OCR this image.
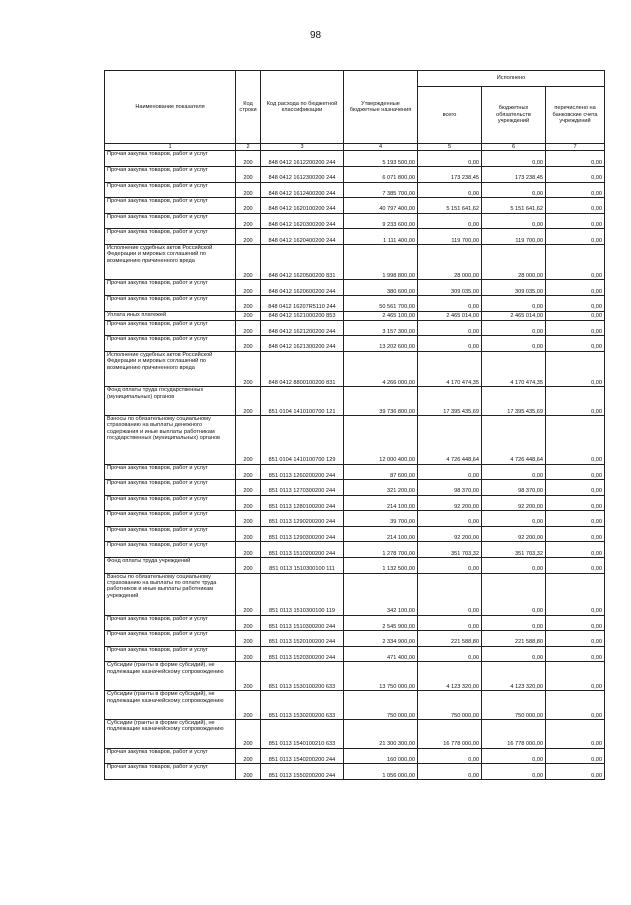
98
Наименование показателя	Код строки	Код расхода по бюджетной классификации	Утвержденные бюджетные назначения	Исполнено		
				всего	бюджетных обязательств учреждений	перечислено на банковские счета учреждений
1	2	3	4	5	6	7
Прочая закупка товаров, работ и услуг	200	848 0412 1612200200 244	5 193 500,00	0,00	0,00	0,00
Прочая закупка товаров, работ и услуг	200	848 0412 1612300200 244	6 071 800,00	173 238,45	173 238,45	0,00
Прочая закупка товаров, работ и услуг	200	848 0412 1612400200 244	7 385 700,00	0,00	0,00	0,00
Прочая закупка товаров, работ и услуг	200	848 0412 1620100200 244	40 797 400,00	5 151 641,62	5 151 641,62	0,00
Прочая закупка товаров, работ и услуг	200	848 0412 1620300200 244	9 233 600,00	0,00	0,00	0,00
Прочая закупка товаров, работ и услуг	200	848 0412 1620400200 244	1 111 400,00	119 700,00	119 700,00	0,00
Исполнение судебных актов Российской Федерации и мировых соглашений по возмещению причиненного вреда	200	848 0412 1620500200 831	1 998 800,00	28 000,00	28 000,00	0,00
Прочая закупка товаров, работ и услуг	200	848 0412 1620600200 244	380 600,00	309 035,00	309 035,00	0,00
Прочая закупка товаров, работ и услуг	200	848 0412 16207R5110 244	50 561 700,00	0,00	0,00	0,00
Уплата иных платежей	200	848 0412 1621000200 853	2 465 100,00	2 465 014,00	2 465 014,00	0,00
Прочая закупка товаров, работ и услуг	200	848 0412 1621200200 244	3 157 300,00	0,00	0,00	0,00
Прочая закупка товаров, работ и услуг	200	848 0412 1621300200 244	13 202 600,00	0,00	0,00	0,00
Исполнение судебных актов Российской Федерации и мировых соглашений по возмещению причиненного вреда	200	848 0412 8800100200 831	4 266 000,00	4 170 474,35	4 170 474,35	0,00
Фонд оплаты труда государственных (муниципальных) органов	200	851 0104 1410100700 121	39 736 800,00	17 395 435,69	17 395 435,69	0,00
Взносы по обязательному социальному страхованию на выплаты денежного содержания и иные выплаты работникам государственных (муниципальных) органов	200	851 0104 1410100700 129	12 000 400,00	4 726 448,64	4 726 448,64	0,00
Прочая закупка товаров, работ и услуг	200	851 0113 1260200200 244	87 600,00	0,00	0,00	0,00
Прочая закупка товаров, работ и услуг	200	851 0113 1270300200 244	321 200,00	98 370,00	98 370,00	0,00
Прочая закупка товаров, работ и услуг	200	851 0113 1280100200 244	214 100,00	92 200,00	92 200,00	0,00
Прочая закупка товаров, работ и услуг	200	851 0113 1290200200 244	39 700,00	0,00	0,00	0,00
Прочая закупка товаров, работ и услуг	200	851 0113 1290300200 244	214 100,00	92 200,00	92 200,00	0,00
Прочая закупка товаров, работ и услуг	200	851 0113 1510200200 244	1 278 700,00	351 703,32	351 703,32	0,00
Фонд оплаты труда учреждений	200	851 0113 1510300100 111	1 132 500,00	0,00	0,00	0,00
Взносы по обязательному социальному страхованию на выплаты по оплате труда работников и иные выплаты работникам учреждений	200	851 0113 1510300100 119	342 100,00	0,00	0,00	0,00
Прочая закупка товаров, работ и услуг	200	851 0113 1510300200 244	2 545 900,00	0,00	0,00	0,00
Прочая закупка товаров, работ и услуг	200	851 0113 1520100200 244	2 334 900,00	221 588,80	221 588,80	0,00
Прочая закупка товаров, работ и услуг	200	851 0113 1520300200 244	471 400,00	0,00	0,00	0,00
Субсидии (гранты в форме субсидий), не подлежащие казначейскому сопровождению	200	851 0113 1530100200 633	13 750 000,00	4 123 320,00	4 123 320,00	0,00
Субсидии (гранты в форме субсидий), не подлежащие казначейскому сопровождению	200	851 0113 1530200200 633	750 000,00	750 000,00	750 000,00	0,00
Субсидии (гранты в форме субсидий), не подлежащие казначейскому сопровождению	200	851 0113 1540100210 633	21 300 300,00	16 778 000,00	16 778 000,00	0,00
Прочая закупка товаров, работ и услуг	200	851 0113 1540200200 244	160 000,00	0,00	0,00	0,00
Прочая закупка товаров, работ и услуг	200	851 0113 1550200200 244	1 056 000,00	0,00	0,00	0,00
